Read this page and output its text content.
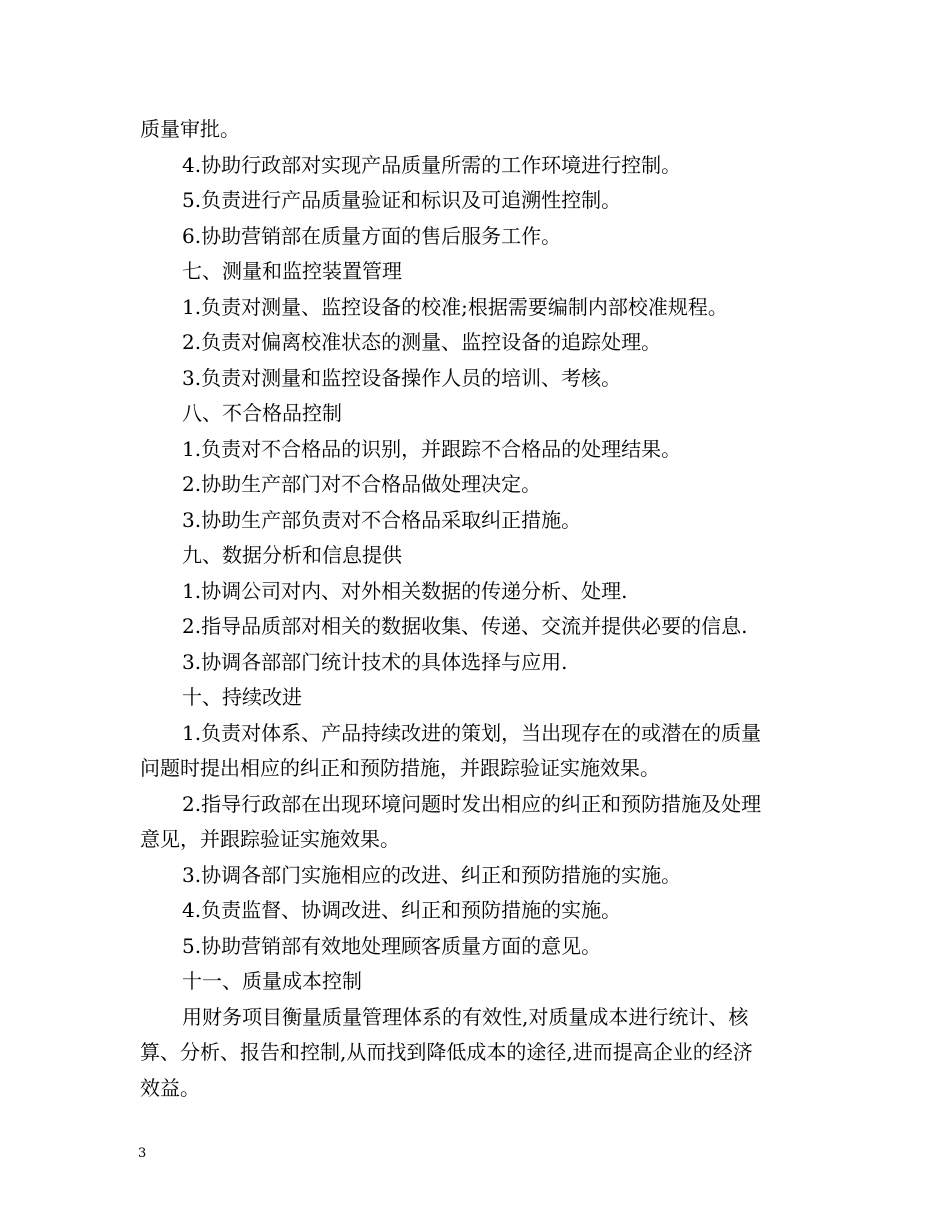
质量审批。
4.协助行政部对实现产品质量所需的工作环境进行控制。
5.负责进行产品质量验证和标识及可追溯性控制。
6.协助营销部在质量方面的售后服务工作。
七、测量和监控装置管理
1.负责对测量、监控设备的校准;根据需要编制内部校准规程。
2.负责对偏离校准状态的测量、监控设备的追踪处理。
3.负责对测量和监控设备操作人员的培训、考核。
八、不合格品控制
1.负责对不合格品的识别，并跟踪不合格品的处理结果。
2.协助生产部门对不合格品做处理决定。
3.协助生产部负责对不合格品采取纠正措施。
九、数据分析和信息提供
1.协调公司对内、对外相关数据的传递分析、处理.
2.指导品质部对相关的数据收集、传递、交流并提供必要的信息.
3.协调各部部门统计技术的具体选择与应用.
十、持续改进
1.负责对体系、产品持续改进的策划，当出现存在的或潜在的质量
问题时提出相应的纠正和预防措施，并跟踪验证实施效果。
2.指导行政部在出现环境问题时发出相应的纠正和预防措施及处理
意见，并跟踪验证实施效果。
3.协调各部门实施相应的改进、纠正和预防措施的实施。
4.负责监督、协调改进、纠正和预防措施的实施。
5.协助营销部有效地处理顾客质量方面的意见。
十一、质量成本控制
用财务项目衡量质量管理体系的有效性,对质量成本进行统计、核
算、分析、报告和控制,从而找到降低成本的途径,进而提高企业的经济
效益。
3
